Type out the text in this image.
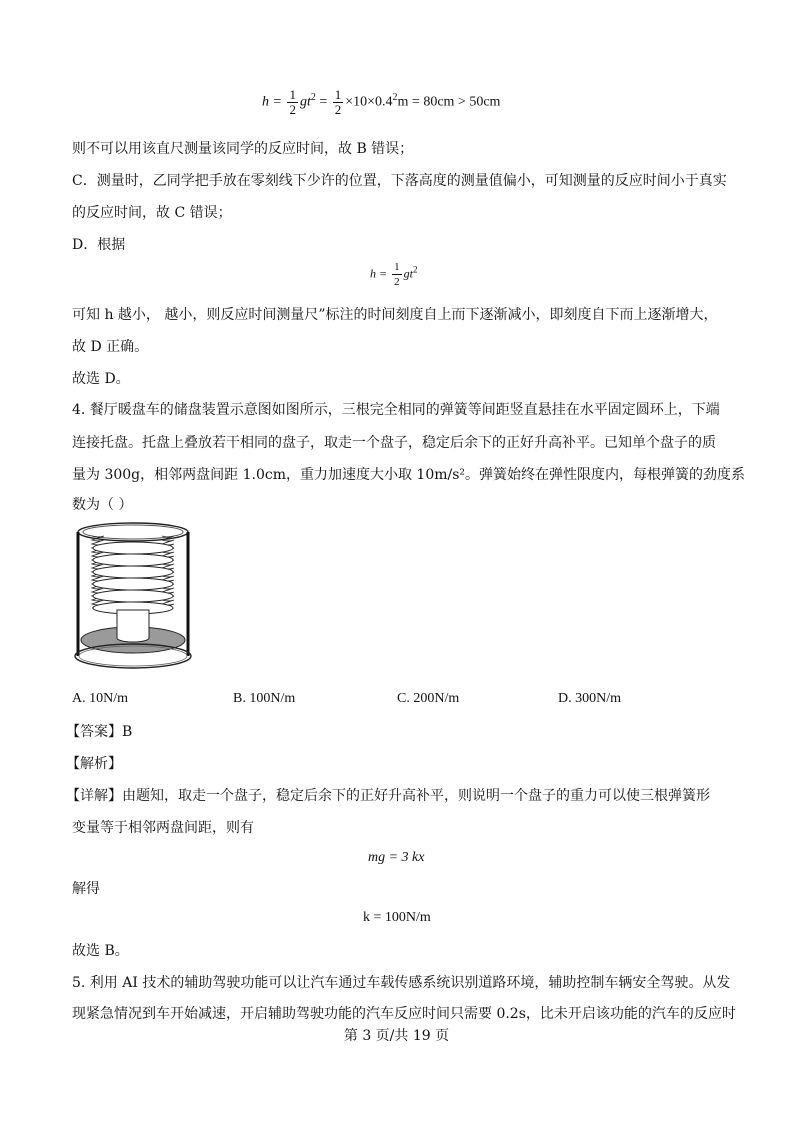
$h = \frac{1}{2} gt^2 = \frac{1}{2} \times 10\times 0.4^2m = 80cm > 50cm$
则不可以用该直尺测量该同学的反应时间，故 B 错误；
C．测量时，乙同学把手放在零刻线下少许的位置，下落高度的测量值偏小，可知测量的反应时间小于真实
的反应时间，故 C 错误；
D．根据
$h = \frac{1}{2} gt^2$
可知 h 越小， 越小，则反应时间测量尺”标注的时间刻度自上而下逐渐减小，即刻度自下而上逐渐增大，
故 D 正确。
故选 D。
4. 餐厅暖盘车的储盘装置示意图如图所示，三根完全相同的弹簧等间距竖直悬挂在水平固定圆环上，下端
连接托盘。托盘上叠放若干相同的盘子，取走一个盘子，稳定后余下的正好升高补平。已知单个盘子的质
量为 300g，相邻两盘间距 1.0cm，重力加速度大小取 10m/s²。弹簧始终在弹性限度内，每根弹簧的劲度系
数为（ ）
A. 10N/m	B. 100N/m	C. 200N/m	D. 300N/m
【答案】B
【解析】
【详解】由题知，取走一个盘子，稳定后余下的正好升高补平，则说明一个盘子的重力可以使三根弹簧形
变量等于相邻两盘间距，则有
mg = 3 kx
解得
k = 100N/m
故选 B。
5. 利用 AI 技术的辅助驾驶功能可以让汽车通过车载传感系统识别道路环境，辅助控制车辆安全驾驶。从发
现紧急情况到车开始减速，开启辅助驾驶功能的汽车反应时间只需要 0.2s，比未开启该功能的汽车的反应时
第 3 页/共 19 页
